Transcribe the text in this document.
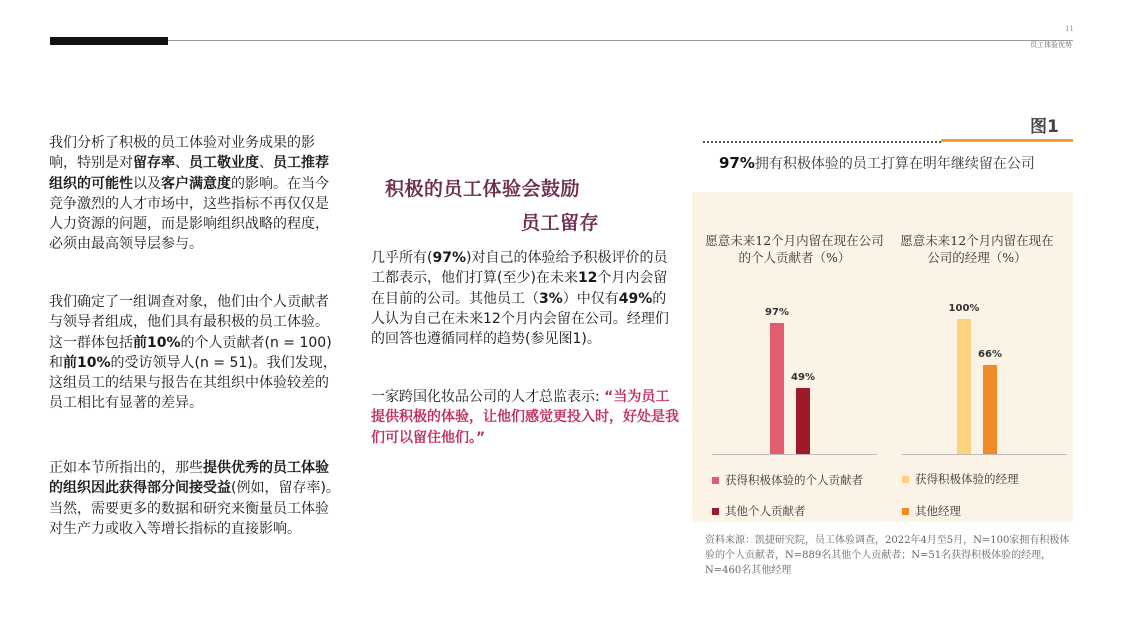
11
员工体验优势
我们分析了积极的员工体验对业务成果的影响，特别是对留存率、员工敬业度、员工推荐组织的可能性以及客户满意度的影响。在当今竞争激烈的人才市场中，这些指标不再仅仅是人力资源的问题，而是影响组织战略的程度，必须由最高领导层参与。
我们确定了一组调查对象，他们由个人贡献者与领导者组成，他们具有最积极的员工体验。这一群体包括前10%的个人贡献者(n = 100)和前10%的受访领导人(n = 51)。我们发现，这组员工的结果与报告在其组织中体验较差的员工相比有显著的差异。
正如本节所指出的，那些提供优秀的员工体验的组织因此获得部分间接受益(例如，留存率)。当然，需要更多的数据和研究来衡量员工体验对生产力或收入等增长指标的直接影响。
积极的员工体验会鼓励
员工留存
几乎所有(97%)对自己的体验给予积极评价的员工都表示，他们打算(至少)在未来12个月内会留在目前的公司。其他员工（3%）中仅有49%的人认为自己在未来12个月内会留在公司。经理们的回答也遵循同样的趋势(参见图1)。
一家跨国化妆品公司的人才总监表示: “当为员工提供积极的体验，让他们感觉更投入时，好处是我们可以留住他们。”
图1
97%拥有积极体验的员工打算在明年继续留在公司
愿意未来12个月内留在现在公司的个人贡献者（%）
愿意未来12个月内留在现在公司的经理（%）
97%
49%
100%
66%
获得积极体验的个人贡献者
其他个人贡献者
获得积极体验的经理
其他经理
资料来源：凯捷研究院，员工体验调查，2022年4月至5月，N=100家拥有积极体验的个人贡献者，N=889名其他个人贡献者；N=51名获得积极体验的经理，N=460名其他经理
